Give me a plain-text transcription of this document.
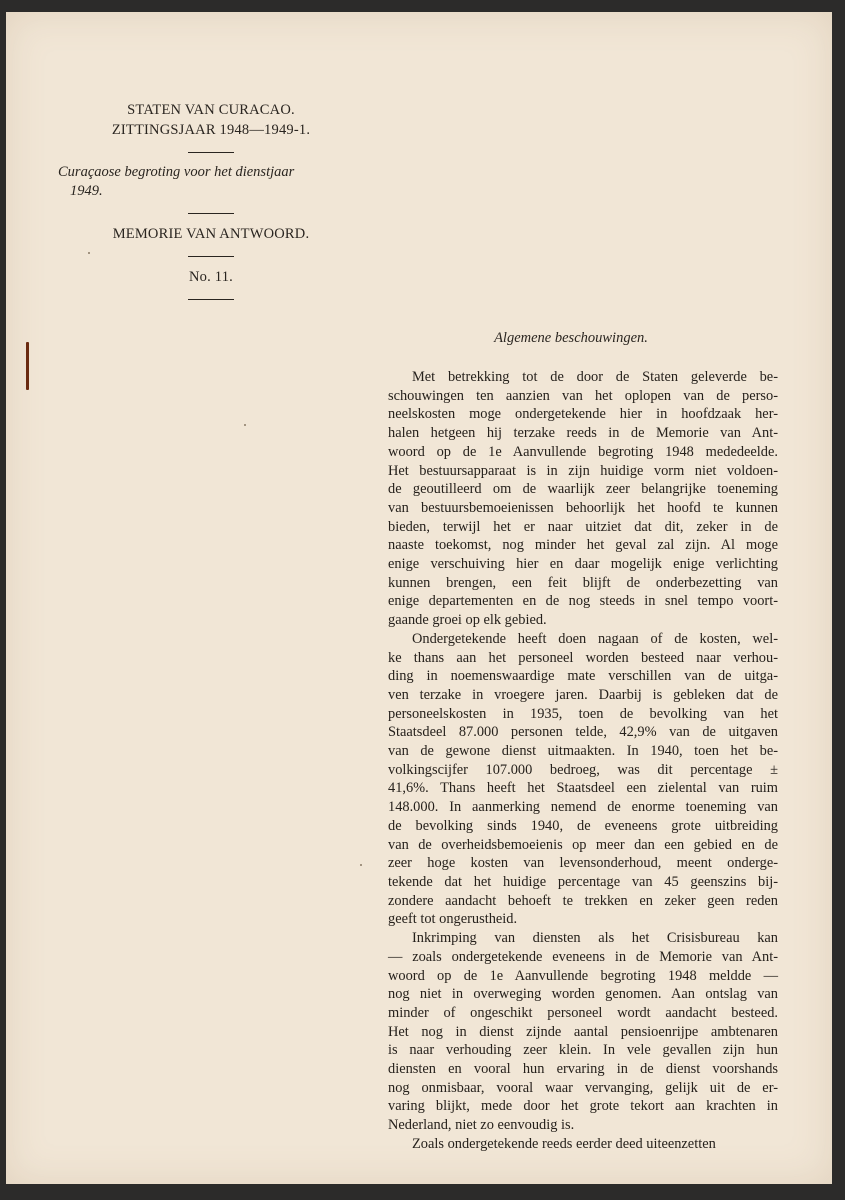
STATEN VAN CURACAO.
ZITTINGSJAAR 1948—1949-1.
Curaçaose begroting voor het dienstjaar
1949.
MEMORIE VAN ANTWOORD.
No. 11.
Algemene beschouwingen.
Met betrekking tot de door de Staten geleverde be-
schouwingen ten aanzien van het oplopen van de perso-
neelskosten moge ondergetekende hier in hoofdzaak her-
halen hetgeen hij terzake reeds in de Memorie van Ant-
woord op de 1e Aanvullende begroting 1948 mededeelde.
Het bestuursapparaat is in zijn huidige vorm niet voldoen-
de geoutilleerd om de waarlijk zeer belangrijke toeneming
van bestuursbemoeienissen behoorlijk het hoofd te kunnen
bieden, terwijl het er naar uitziet dat dit, zeker in de
naaste toekomst, nog minder het geval zal zijn. Al moge
enige verschuiving hier en daar mogelijk enige verlichting
kunnen brengen, een feit blijft de onderbezetting van
enige departementen en de nog steeds in snel tempo voort-
gaande groei op elk gebied.
Ondergetekende heeft doen nagaan of de kosten, wel-
ke thans aan het personeel worden besteed naar verhou-
ding in noemenswaardige mate verschillen van de uitga-
ven terzake in vroegere jaren. Daarbij is gebleken dat de
personeelskosten in 1935, toen de bevolking van het
Staatsdeel 87.000 personen telde, 42,9% van de uitgaven
van de gewone dienst uitmaakten. In 1940, toen het be-
volkingscijfer 107.000 bedroeg, was dit percentage ±
41,6%. Thans heeft het Staatsdeel een zielental van ruim
148.000. In aanmerking nemend de enorme toeneming van
de bevolking sinds 1940, de eveneens grote uitbreiding
van de overheidsbemoeienis op meer dan een gebied en de
zeer hoge kosten van levensonderhoud, meent onderge-
tekende dat het huidige percentage van 45 geenszins bij-
zondere aandacht behoeft te trekken en zeker geen reden
geeft tot ongerustheid.
Inkrimping van diensten als het Crisisbureau kan
— zoals ondergetekende eveneens in de Memorie van Ant-
woord op de 1e Aanvullende begroting 1948 meldde —
nog niet in overweging worden genomen. Aan ontslag van
minder of ongeschikt personeel wordt aandacht besteed.
Het nog in dienst zijnde aantal pensioenrijpe ambtenaren
is naar verhouding zeer klein. In vele gevallen zijn hun
diensten en vooral hun ervaring in de dienst voorshands
nog onmisbaar, vooral waar vervanging, gelijk uit de er-
varing blijkt, mede door het grote tekort aan krachten in
Nederland, niet zo eenvoudig is.
Zoals ondergetekende reeds eerder deed uiteenzetten
